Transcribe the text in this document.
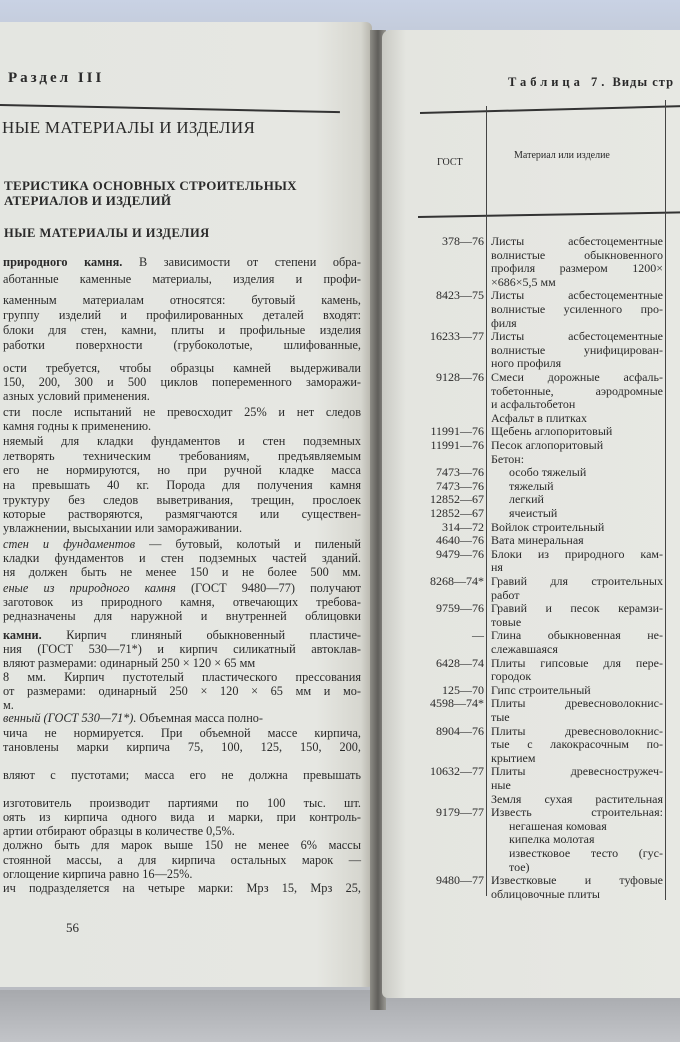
Раздел III
НЫЕ МАТЕРИАЛЫ И ИЗДЕЛИЯ
ТЕРИСТИКА ОСНОВНЫХ СТРОИТЕЛЬНЫХ
АТЕРИАЛОВ И ИЗДЕЛИЙ
НЫЕ МАТЕРИАЛЫ И ИЗДЕЛИЯ
природного камня. В зависимости от степени обра-
аботанные каменные материалы, изделия и профи-
каменным материалам относятся: бутовый камень,
группу изделий и профилированных деталей входят:
блоки для стен, камни, плиты и профильные изделия
работки поверхности (грубоколотые, шлифованные,
ости требуется, чтобы образцы камней выдерживали
150, 200, 300 и 500 циклов попеременного заморажи-
азных условий применения.
сти после испытаний не превосходит 25% и нет следов
камня годны к применению.
няемый для кладки фундаментов и стен подземных
летворять техническим требованиям, предъявляемым
его не нормируются, но при ручной кладке масса
на превышать 40 кг. Порода для получения камня
труктуру без следов выветривания, трещин, прослоек
которые растворяются, размягчаются или существен-
увлажнении, высыхании или замораживании.
стен и фундаментов — бутовый, колотый и пиленый
кладки фундаментов и стен подземных частей зданий.
ня должен быть не менее 150 и не более 500 мм.
еные из природного камня (ГОСТ 9480—77) получают
заготовок из природного камня, отвечающих требова-
редназначены для наружной и внутренней облицовки
камни. Кирпич глиняный обыкновенный пластиче-
ния (ГОСТ 530—71*) и кирпич силикатный автоклав-
вляют размерами: одинарный 250 × 120 × 65 мм
8 мм. Кирпич пустотелый пластического прессования
от размерами: одинарный 250 × 120 × 65 мм и мо-
м.
венный (ГОСТ 530—71*). Объемная масса полно-
чича не нормируется. При объемной массе кирпича,
тановлены марки кирпича 75, 100, 125, 150, 200,
вляют с пустотами; масса его не должна превышать
изготовитель производит партиями по 100 тыс. шт.
оять из кирпича одного вида и марки, при контроль-
артии отбирают образцы в количестве 0,5%.
должно быть для марок выше 150 не менее 6% массы
стоянной массы, а для кирпича остальных марок —
оглощение кирпича равно 16—25%.
ич подразделяется на четыре марки: Мрз 15, Мрз 25,
56
Таблица 7. Виды стр
ГОСТ
Материал или изделие
378—76 Листы асбестоцементные
волнистые обыкновенного
профиля размером 1200×
×686×5,5 мм
8423—75 Листы асбестоцементные
волнистые усиленного про-
филя
16233—77 Листы асбестоцементные
волнистые унифицирован-
ного профиля
9128—76 Смеси дорожные асфаль-
тобетонные, аэродромные
и асфальтобетон
Асфальт в плитках
11991—76 Щебень аглопоритовый
11991—76 Песок аглопоритовый
Бетон:
7473—76 особо тяжелый
7473—76 тяжелый
12852—67 легкий
12852—67 ячеистый
314—72 Войлок строительный
4640—76 Вата минеральная
9479—76 Блоки из природного кам-
ня
8268—74* Гравий для строительных
работ
9759—76 Гравий и песок керамзи-
товые
— Глина обыкновенная не-
слежавшаяся
6428—74 Плиты гипсовые для пере-
городок
125—70 Гипс строительный
4598—74* Плиты древесноволокнис-
тые
8904—76 Плиты древесноволокнис-
тые с лакокрасочным по-
крытием
10632—77 Плиты древесностружеч-
ные
Земля сухая растительная
9179—77 Известь строительная:
негашеная комовая
кипелка молотая
известковое тесто (гус-
тое)
9480—77 Известковые и туфовые
облицовочные плиты
